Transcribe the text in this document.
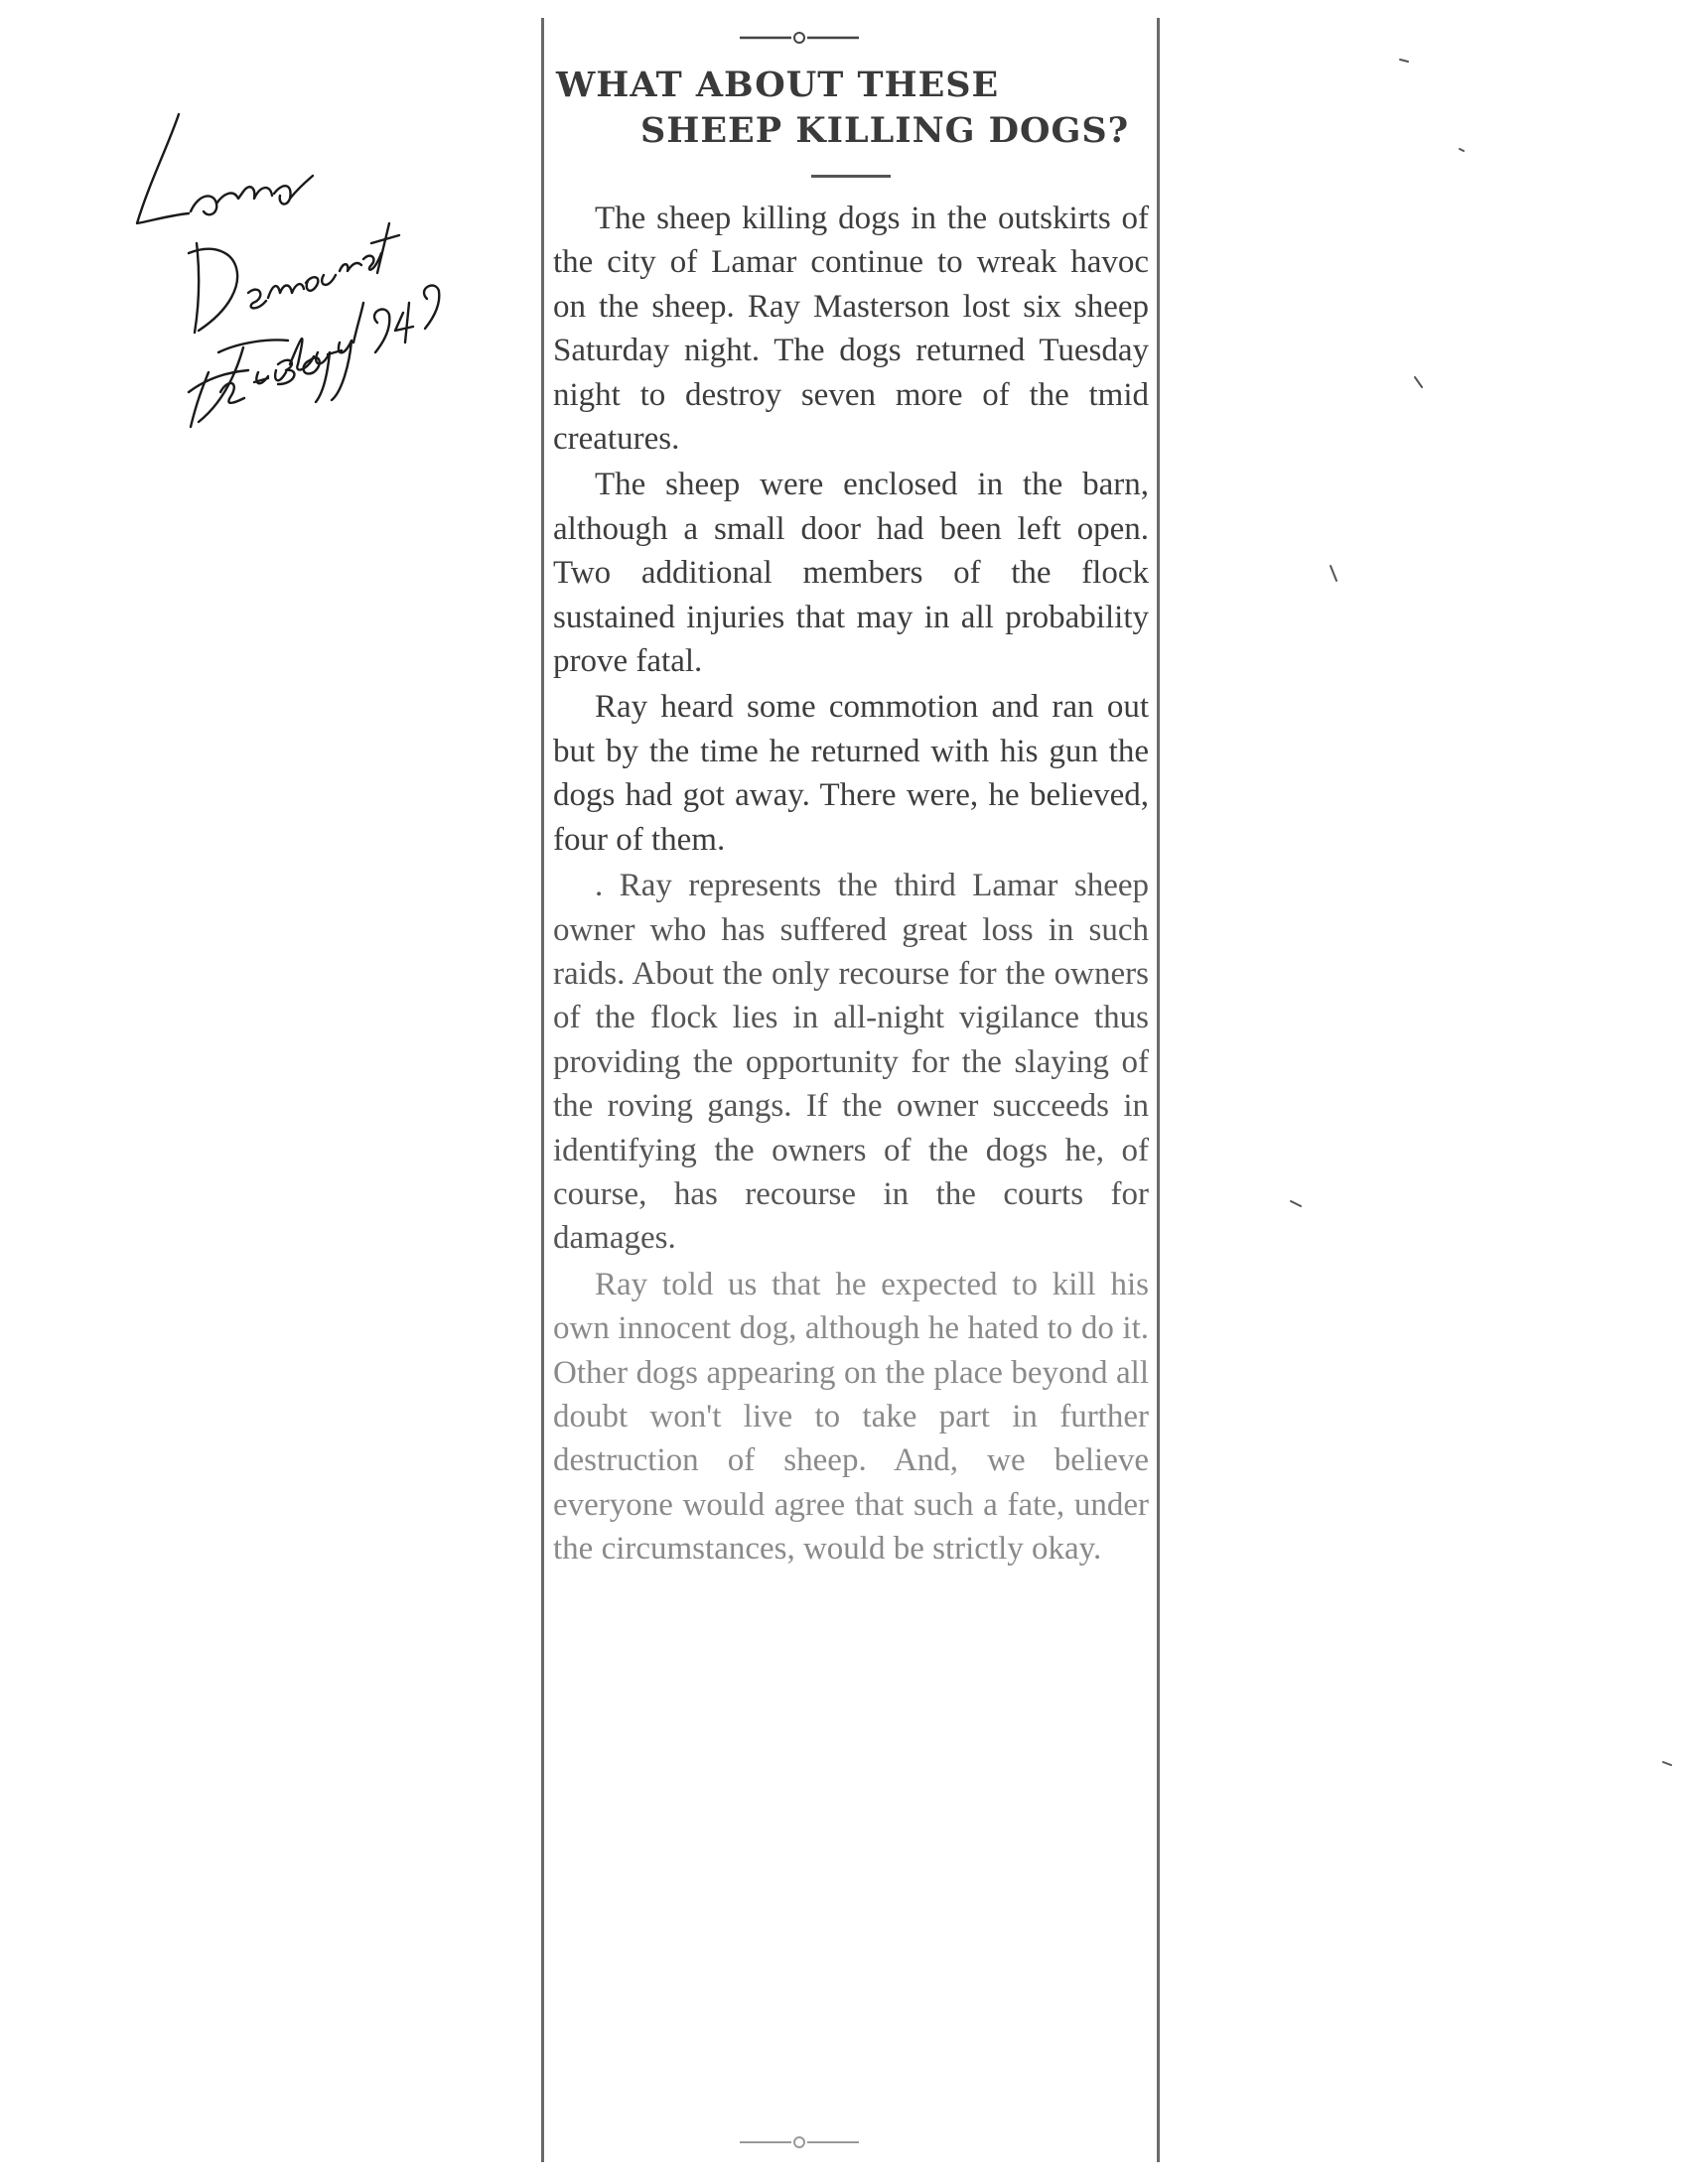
WHAT ABOUT THESE
SHEEP KILLING DOGS?

The sheep killing dogs in the outskirts of the city of Lamar continue to wreak havoc on the sheep. Ray Masterson lost six sheep Saturday night. The dogs returned Tuesday night to destroy seven more of the tmid creatures.

The sheep were enclosed in the barn, although a small door had been left open. Two additional members of the flock sustained injuries that may in all probability prove fatal.

Ray heard some commotion and ran out but by the time he returned with his gun the dogs had got away. There were, he believed, four of them.

. Ray represents the third Lamar sheep owner who has suffered great loss in such raids. About the only recourse for the owners of the flock lies in all-night vigilance thus providing the opportunity for the slaying of the roving gangs. If the owner succeeds in identifying the owners of the dogs he, of course, has recourse in the courts for damages.

Ray told us that he expected to kill his own innocent dog, although he hated to do it. Other dogs appearing on the place beyond all doubt won't live to take part in further destruction of sheep. And, we believe everyone would agree that such a fate, under the circumstances, would be strictly okay.
